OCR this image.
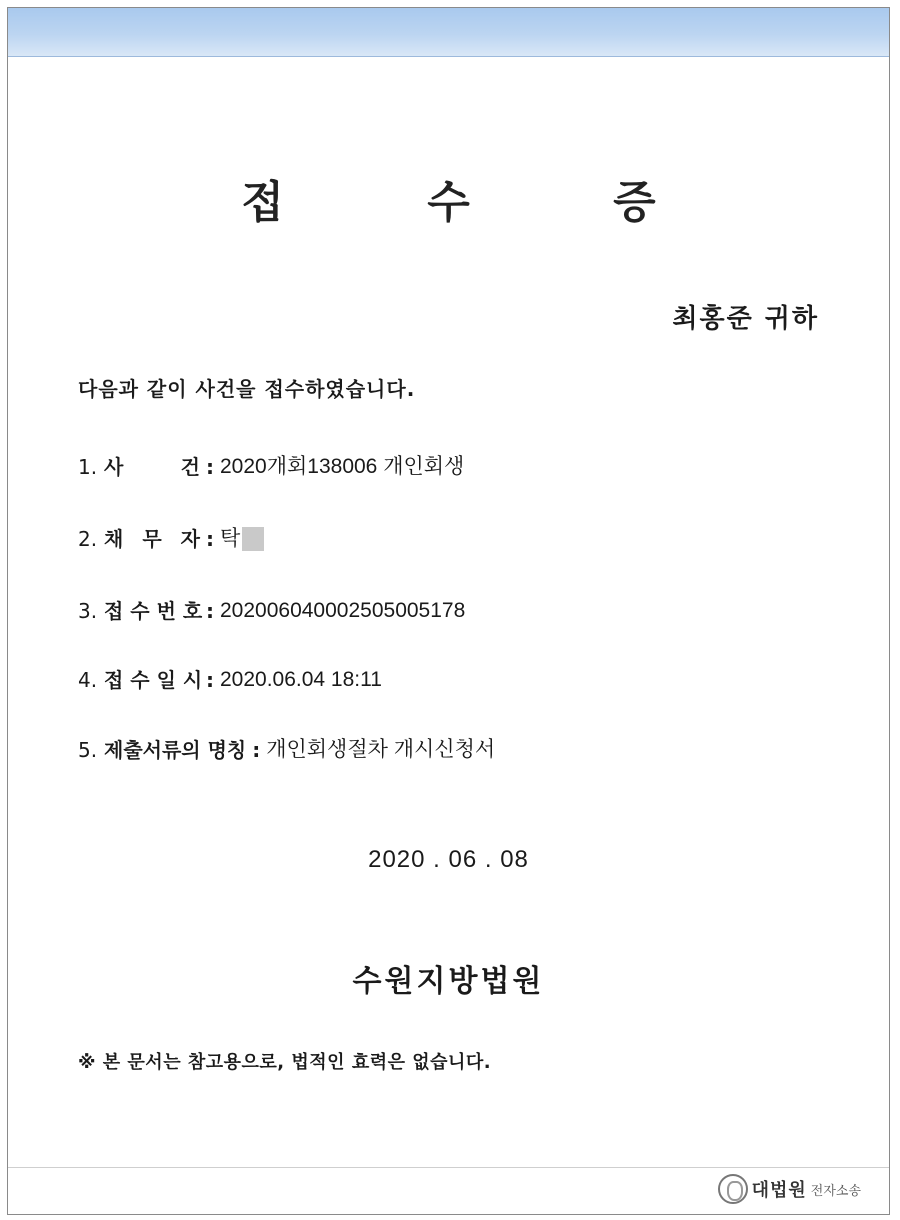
접 수 증
최홍준 귀하
다음과 같이 사건을 접수하였습니다.
1. 사 건 : 2020개회138006 개인회생
2. 채 무 자 : 탁
3. 접 수 번 호 : 202006040002505005178
4. 접 수 일 시 : 2020.06.04 18:11
5. 제출서류의 명칭 : 개인회생절차 개시신청서
2020 . 06 . 08
수원지방법원
※ 본 문서는 참고용으로, 법적인 효력은 없습니다.
대법원 전자소송
